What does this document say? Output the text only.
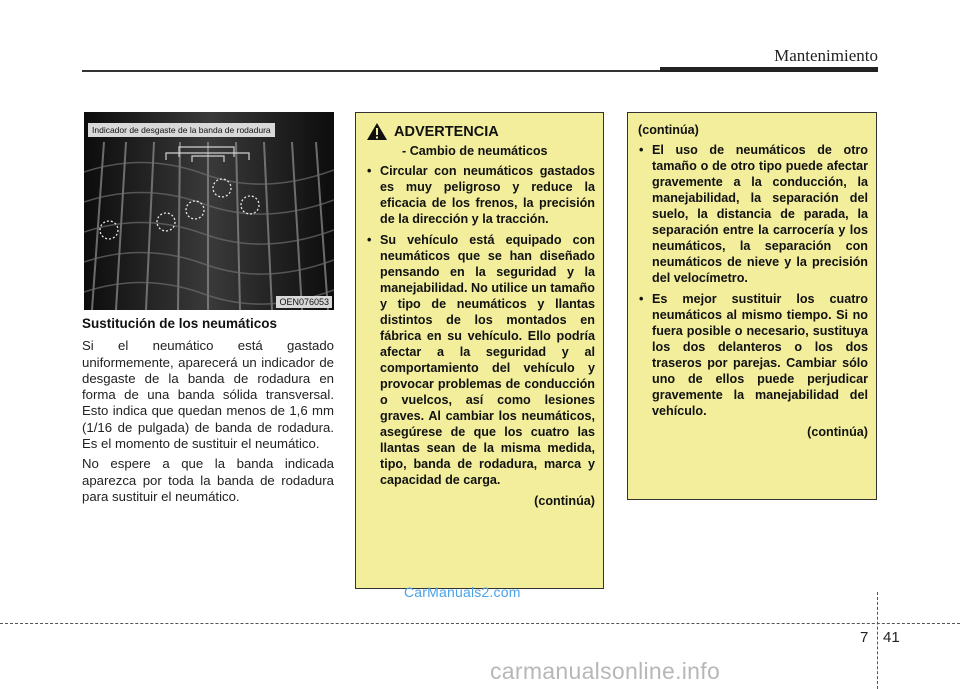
Mantenimiento
Indicador de desgaste de la banda de rodadura
OEN076053
Sustitución de los neumáticos

Si el neumático está gastado uniformemente, aparecerá un indicador de desgaste de la banda de rodadura en forma de una banda sólida transversal. Esto indica que quedan menos de 1,6 mm (1/16 de pulgada) de banda de rodadura. Es el momento de sustituir el neumático.

No espere a que la banda indicada aparezca por toda la banda de rodadura para sustituir el neumático.

ADVERTENCIA
- Cambio de neumáticos
• Circular con neumáticos gastados es muy peligroso y reduce la eficacia de los frenos, la precisión de la dirección y la tracción.
• Su vehículo está equipado con neumáticos que se han diseñado pensando en la seguridad y la manejabilidad. No utilice un tamaño y tipo de neumáticos y llantas distintos de los montados en fábrica en su vehículo. Ello podría afectar a la seguridad y al comportamiento del vehículo y provocar problemas de conducción o vuelcos, así como lesiones graves. Al cambiar los neumáticos, asegúrese de que los cuatro las llantas sean de la misma medida, tipo, banda de rodadura, marca y capacidad de carga.
(continúa)
(continúa)
• El uso de neumáticos de otro tamaño o de otro tipo puede afectar gravemente a la conducción, la manejabilidad, la separación del suelo, la distancia de parada, la separación entre la carrocería y los neumáticos, la separación con neumáticos de nieve y la precisión del velocímetro.
• Es mejor sustituir los cuatro neumáticos al mismo tiempo. Si no fuera posible o necesario, sustituya los dos delanteros o los dos traseros por parejas. Cambiar sólo uno de ellos puede perjudicar gravemente la manejabilidad del vehículo.
(continúa)
CarManuals2.com
7 41
carmanualsonline.info
